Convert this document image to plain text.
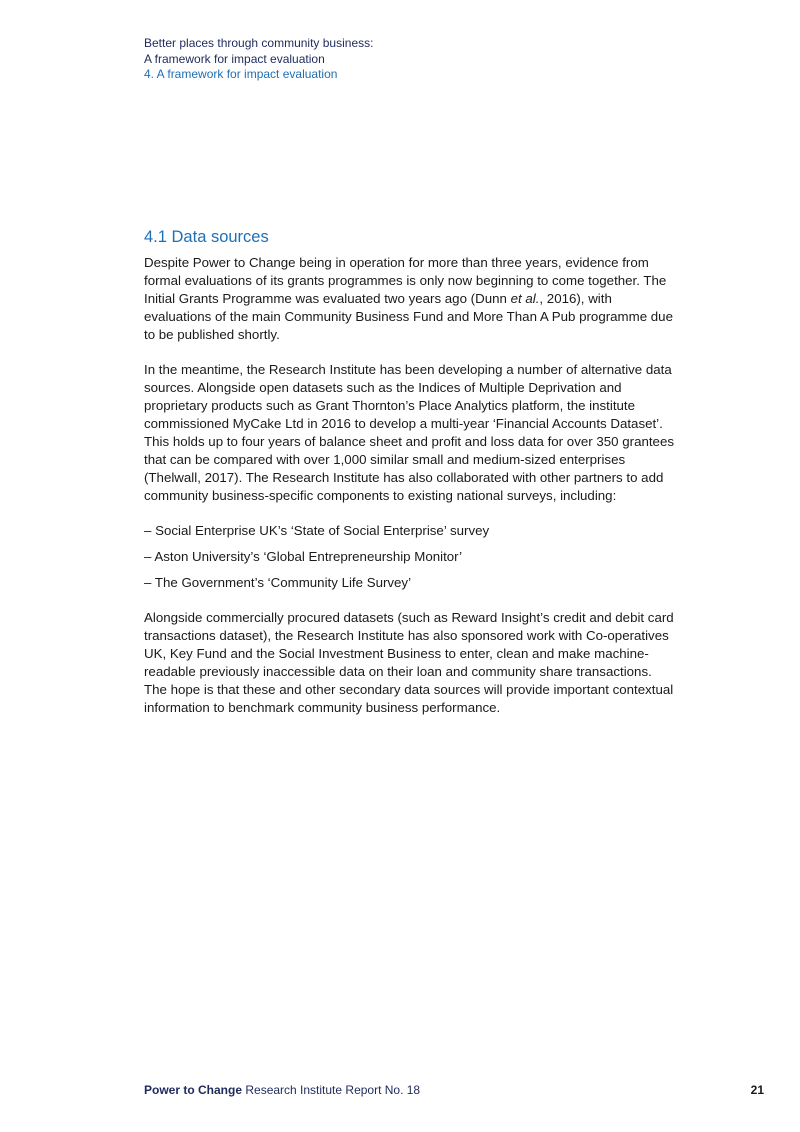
Better places through community business:
A framework for impact evaluation
4. A framework for impact evaluation
4.1 Data sources

Despite Power to Change being in operation for more than three years, evidence from formal evaluations of its grants programmes is only now beginning to come together. The Initial Grants Programme was evaluated two years ago (Dunn et al., 2016), with evaluations of the main Community Business Fund and More Than A Pub programme due to be published shortly.

In the meantime, the Research Institute has been developing a number of alternative data sources. Alongside open datasets such as the Indices of Multiple Deprivation and proprietary products such as Grant Thornton’s Place Analytics platform, the institute commissioned MyCake Ltd in 2016 to develop a multi-year ‘Financial Accounts Dataset’. This holds up to four years of balance sheet and profit and loss data for over 350 grantees that can be compared with over 1,000 similar small and medium-sized enterprises (Thelwall, 2017). The Research Institute has also collaborated with other partners to add community business-specific components to existing national surveys, including:

– Social Enterprise UK’s ‘State of Social Enterprise’ survey
– Aston University’s ‘Global Entrepreneurship Monitor’
– The Government’s ‘Community Life Survey’

Alongside commercially procured datasets (such as Reward Insight’s credit and debit card transactions dataset), the Research Institute has also sponsored work with Co-operatives UK, Key Fund and the Social Investment Business to enter, clean and make machine-readable previously inaccessible data on their loan and community share transactions. The hope is that these and other secondary data sources will provide important contextual information to benchmark community business performance.

Power to Change Research Institute Report No. 18	21
